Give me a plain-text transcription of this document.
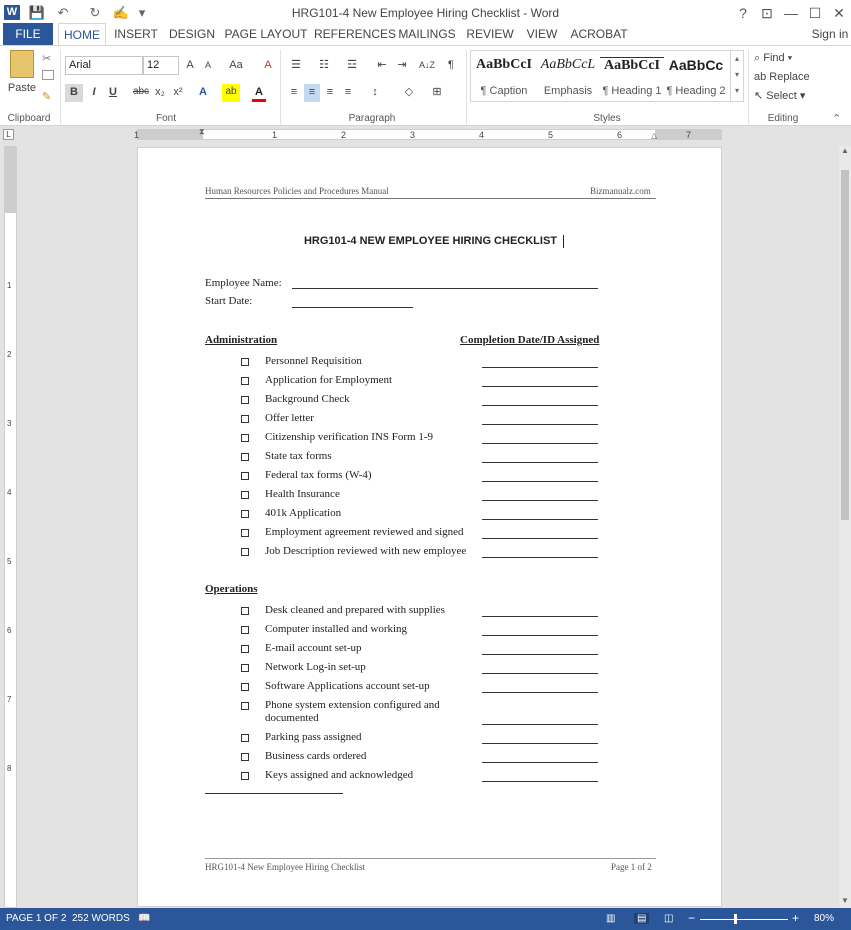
W 💾 ↶ ↻ ✍ ▾	HRG101-4 New Employee Hiring Checklist - Word	?	⊡ — ☐ ✕
FILE	HOME	INSERT DESIGN PAGE LAYOUT REFERENCES MAILINGS REVIEW	VIEW	ACROBAT	Sign in
Paste
✂
✎
Clipboard
Arial	12	A	A	Aa	A
B	I	U	abc x₂ x²	A	ab	A
Font
☰	☷	☲	⇤ ⇥	A↓Z	¶
≡	≡	≡	≡	↕	◇	⊞
Paragraph	Styles
⌕ Find ▾
ab Replace
↖ Select ▾
Editing	⌃
AaBbCcI
¶ Caption
AaBbCcL
Emphasis
AaBbCcI
¶ Heading 1
AaBbCc
¶ Heading 2
▴
▾
▾
L	1	1	2	3	4	5	6	7
⧗	△
1
2
3
4
5
6
7
8
▲
▼
Human Resources Policies and Procedures Manual	Bizmanualz.com
HRG101-4 NEW EMPLOYEE HIRING CHECKLIST
Employee Name:
Start Date:
Administration	Completion Date/ID Assigned
Personnel Requisition
Application for Employment
Background Check
Offer letter
Citizenship verification INS Form 1-9
State tax forms
Federal tax forms (W-4)
Health Insurance
401k Application
Employment agreement reviewed and signed
Job Description reviewed with new employee
Operations
Desk cleaned and prepared with supplies
Computer installed and working
E-mail account set-up
Network Log-in set-up
Software Applications account set-up
Phone system extension configured and
documented
Parking pass assigned
Business cards ordered
Keys assigned and acknowledged
HRG101-4 New Employee Hiring Checklist	Page 1 of 2
PAGE 1 OF 2 252 WORDS 📖	▥	▤	◫ −	+ 80%
